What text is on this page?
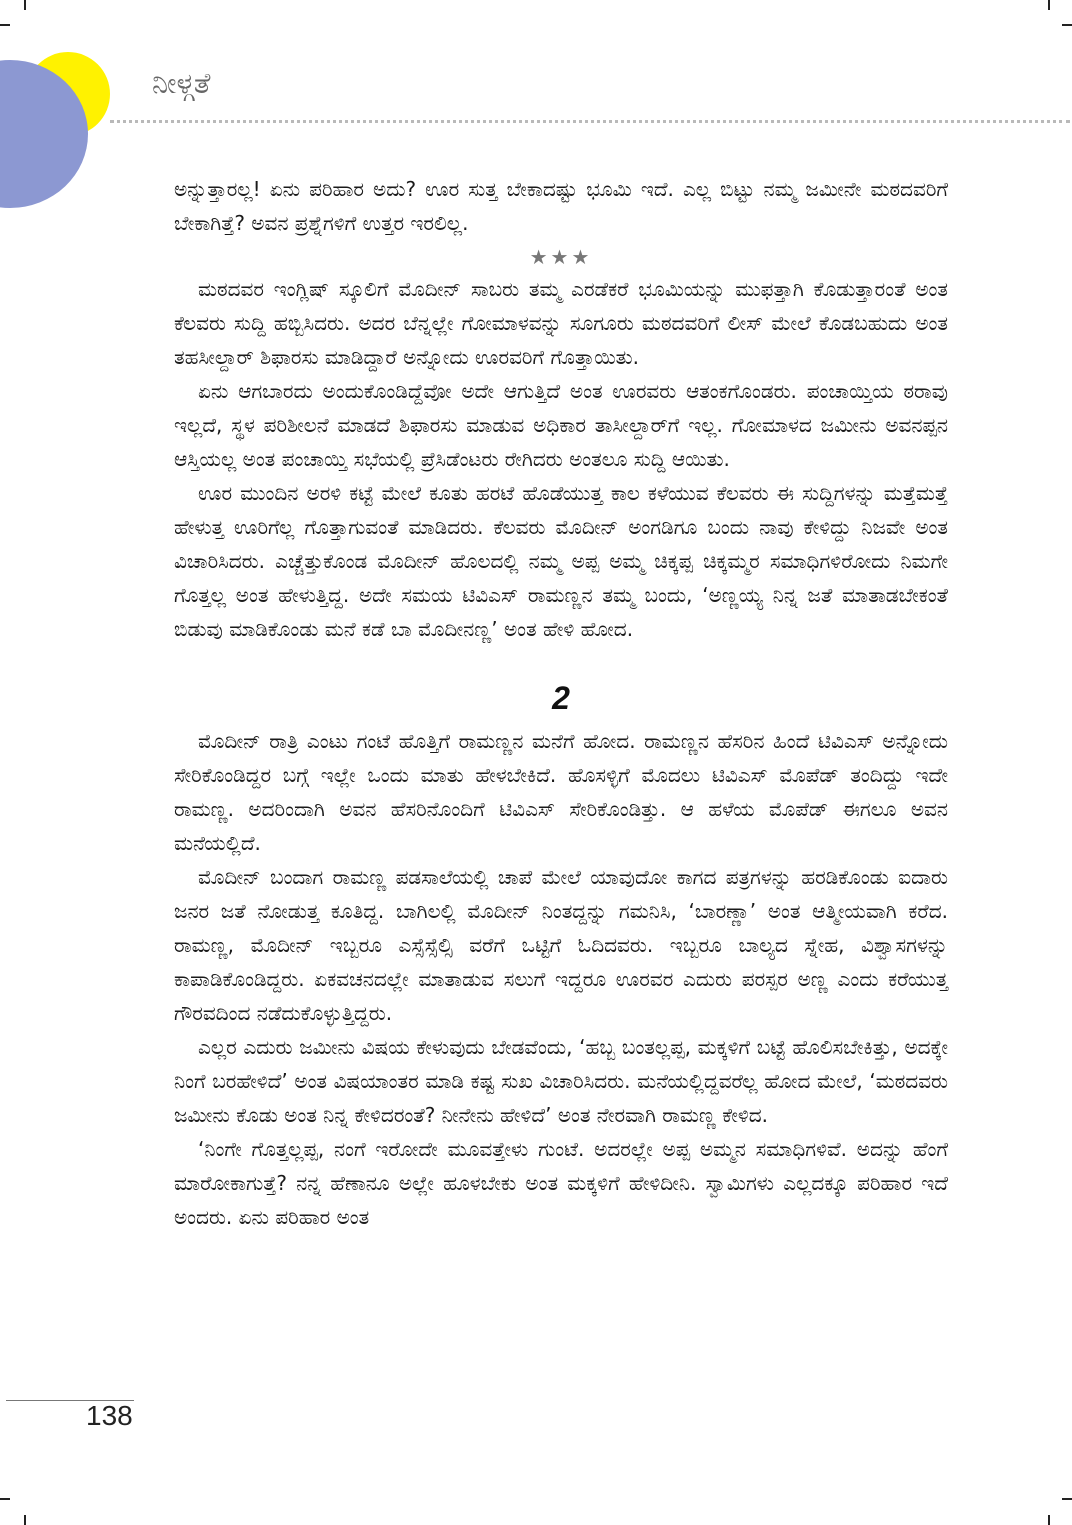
ನೀಳ್ಗತೆ

ಅನ್ನುತ್ತಾರಲ್ಲ! ಏನು ಪರಿಹಾರ ಅದು? ಊರ ಸುತ್ತ ಬೇಕಾದಷ್ಟು ಭೂಮಿ ಇದೆ. ಎಲ್ಲ ಬಿಟ್ಟು ನಮ್ಮ ಜಮೀನೇ ಮಠದವರಿಗೆ ಬೇಕಾಗಿತ್ತೆ? ಅವನ ಪ್ರಶ್ನೆಗಳಿಗೆ ಉತ್ತರ ಇರಲಿಲ್ಲ.

★★★

ಮಠದವರ ಇಂಗ್ಲಿಷ್ ಸ್ಕೂಲಿಗೆ ಮೊದೀನ್ ಸಾಬರು ತಮ್ಮ ಎರಡೆಕರೆ ಭೂಮಿಯನ್ನು ಮುಫತ್ತಾಗಿ ಕೊಡುತ್ತಾರಂತೆ ಅಂತ ಕೆಲವರು ಸುದ್ದಿ ಹಬ್ಬಿಸಿದರು. ಅದರ ಬೆನ್ನಲ್ಲೇ ಗೋಮಾಳವನ್ನು ಸೂಗೂರು ಮಠದವರಿಗೆ ಲೀಸ್ ಮೇಲೆ ಕೊಡಬಹುದು ಅಂತ ತಹಸೀಲ್ದಾರ್ ಶಿಫಾರಸು ಮಾಡಿದ್ದಾರೆ ಅನ್ನೋದು ಊರವರಿಗೆ ಗೊತ್ತಾಯಿತು.

ಏನು ಆಗಬಾರದು ಅಂದುಕೊಂಡಿದ್ದೆವೋ ಅದೇ ಆಗುತ್ತಿದೆ ಅಂತ ಊರವರು ಆತಂಕಗೊಂಡರು. ಪಂಚಾಯ್ತಿಯ ಠರಾವು ಇಲ್ಲದೆ, ಸ್ಥಳ ಪರಿಶೀಲನೆ ಮಾಡದೆ ಶಿಫಾರಸು ಮಾಡುವ ಅಧಿಕಾರ ತಾಸೀಲ್ದಾರ್‌ಗೆ ಇಲ್ಲ. ಗೋಮಾಳದ ಜಮೀನು ಅವನಪ್ಪನ ಆಸ್ತಿಯಲ್ಲ ಅಂತ ಪಂಚಾಯ್ತಿ ಸಭೆಯಲ್ಲಿ ಪ್ರೆಸಿಡೆಂಟರು ರೇಗಿದರು ಅಂತಲೂ ಸುದ್ದಿ ಆಯಿತು.

ಊರ ಮುಂದಿನ ಅರಳಿ ಕಟ್ಟೆ ಮೇಲೆ ಕೂತು ಹರಟೆ ಹೊಡೆಯುತ್ತ ಕಾಲ ಕಳೆಯುವ ಕೆಲವರು ಈ ಸುದ್ದಿಗಳನ್ನು ಮತ್ತೆಮತ್ತೆ ಹೇಳುತ್ತ ಊರಿಗೆಲ್ಲ ಗೊತ್ತಾಗುವಂತೆ ಮಾಡಿದರು. ಕೆಲವರು ಮೊದೀನ್ ಅಂಗಡಿಗೂ ಬಂದು ನಾವು ಕೇಳಿದ್ದು ನಿಜವೇ ಅಂತ ವಿಚಾರಿಸಿದರು. ಎಚ್ಚೆತ್ತುಕೊಂಡ ಮೊದೀನ್ ಹೊಲದಲ್ಲಿ ನಮ್ಮ ಅಪ್ಪ ಅಮ್ಮ ಚಿಕ್ಕಪ್ಪ ಚಿಕ್ಕಮ್ಮರ ಸಮಾಧಿಗಳಿರೋದು ನಿಮಗೇ ಗೊತ್ತಲ್ಲ ಅಂತ ಹೇಳುತ್ತಿದ್ದ. ಅದೇ ಸಮಯ ಟಿವಿಎಸ್ ರಾಮಣ್ಣನ ತಮ್ಮ ಬಂದು, ‘ಅಣ್ಣಯ್ಯ ನಿನ್ನ ಜತೆ ಮಾತಾಡಬೇಕಂತೆ ಬಿಡುವು ಮಾಡಿಕೊಂಡು ಮನೆ ಕಡೆ ಬಾ ಮೊದೀನಣ್ಣ’ ಅಂತ ಹೇಳಿ ಹೋದ.

2

ಮೊದೀನ್ ರಾತ್ರಿ ಎಂಟು ಗಂಟೆ ಹೊತ್ತಿಗೆ ರಾಮಣ್ಣನ ಮನೆಗೆ ಹೋದ. ರಾಮಣ್ಣನ ಹೆಸರಿನ ಹಿಂದೆ ಟಿವಿಎಸ್ ಅನ್ನೋದು ಸೇರಿಕೊಂಡಿದ್ದರ ಬಗ್ಗೆ ಇಲ್ಲೇ ಒಂದು ಮಾತು ಹೇಳಬೇಕಿದೆ. ಹೊಸಳ್ಳಿಗೆ ಮೊದಲು ಟಿವಿಎಸ್ ಮೊಪೆಡ್ ತಂದಿದ್ದು ಇದೇ ರಾಮಣ್ಣ. ಅದರಿಂದಾಗಿ ಅವನ ಹೆಸರಿನೊಂದಿಗೆ ಟಿವಿಎಸ್ ಸೇರಿಕೊಂಡಿತ್ತು. ಆ ಹಳೆಯ ಮೊಪೆಡ್ ಈಗಲೂ ಅವನ ಮನೆಯಲ್ಲಿದೆ.

ಮೊದೀನ್ ಬಂದಾಗ ರಾಮಣ್ಣ ಪಡಸಾಲೆಯಲ್ಲಿ ಚಾಪೆ ಮೇಲೆ ಯಾವುದೋ ಕಾಗದ ಪತ್ರಗಳನ್ನು ಹರಡಿಕೊಂಡು ಐದಾರು ಜನರ ಜತೆ ನೋಡುತ್ತ ಕೂತಿದ್ದ. ಬಾಗಿಲಲ್ಲಿ ಮೊದೀನ್ ನಿಂತದ್ದನ್ನು ಗಮನಿಸಿ, ‘ಬಾರಣ್ಣಾ’ ಅಂತ ಆತ್ಮೀಯವಾಗಿ ಕರೆದ. ರಾಮಣ್ಣ, ಮೊದೀನ್ ಇಬ್ಬರೂ ಎಸ್ಸೆಸ್ಸೆಲ್ಸಿ ವರೆಗೆ ಒಟ್ಟಿಗೆ ಓದಿದವರು. ಇಬ್ಬರೂ ಬಾಲ್ಯದ ಸ್ನೇಹ, ವಿಶ್ವಾಸಗಳನ್ನು ಕಾಪಾಡಿಕೊಂಡಿದ್ದರು. ಏಕವಚನದಲ್ಲೇ ಮಾತಾಡುವ ಸಲುಗೆ ಇದ್ದರೂ ಊರವರ ಎದುರು ಪರಸ್ಪರ ಅಣ್ಣ ಎಂದು ಕರೆಯುತ್ತ ಗೌರವದಿಂದ ನಡೆದುಕೊಳ್ಳುತ್ತಿದ್ದರು.

ಎಲ್ಲರ ಎದುರು ಜಮೀನು ವಿಷಯ ಕೇಳುವುದು ಬೇಡವೆಂದು, ‘ಹಬ್ಬ ಬಂತಲ್ಲಪ್ಪ, ಮಕ್ಕಳಿಗೆ ಬಟ್ಟೆ ಹೊಲಿಸಬೇಕಿತ್ತು, ಅದಕ್ಕೇ ನಿಂಗೆ ಬರಹೇಳಿದೆ’ ಅಂತ ವಿಷಯಾಂತರ ಮಾಡಿ ಕಷ್ಟ ಸುಖ ವಿಚಾರಿಸಿದರು. ಮನೆಯಲ್ಲಿದ್ದವರೆಲ್ಲ ಹೋದ ಮೇಲೆ, ‘ಮಠದವರು ಜಮೀನು ಕೊಡು ಅಂತ ನಿನ್ನ ಕೇಳಿದರಂತೆ? ನೀನೇನು ಹೇಳಿದೆ’ ಅಂತ ನೇರವಾಗಿ ರಾಮಣ್ಣ ಕೇಳಿದ.

‘ನಿಂಗೇ ಗೊತ್ತಲ್ಲಪ್ಪ, ನಂಗೆ ಇರೋದೇ ಮೂವತ್ತೇಳು ಗುಂಟೆ. ಅದರಲ್ಲೇ ಅಪ್ಪ ಅಮ್ಮನ ಸಮಾಧಿಗಳಿವೆ. ಅದನ್ನು ಹೆಂಗೆ ಮಾರೋಕಾಗುತ್ತೆ? ನನ್ನ ಹೆಣಾನೂ ಅಲ್ಲೇ ಹೂಳಬೇಕು ಅಂತ ಮಕ್ಕಳಿಗೆ ಹೇಳಿದೀನಿ. ಸ್ವಾಮಿಗಳು ಎಲ್ಲದಕ್ಕೂ ಪರಿಹಾರ ಇದೆ ಅಂದರು. ಏನು ಪರಿಹಾರ ಅಂತ

138
